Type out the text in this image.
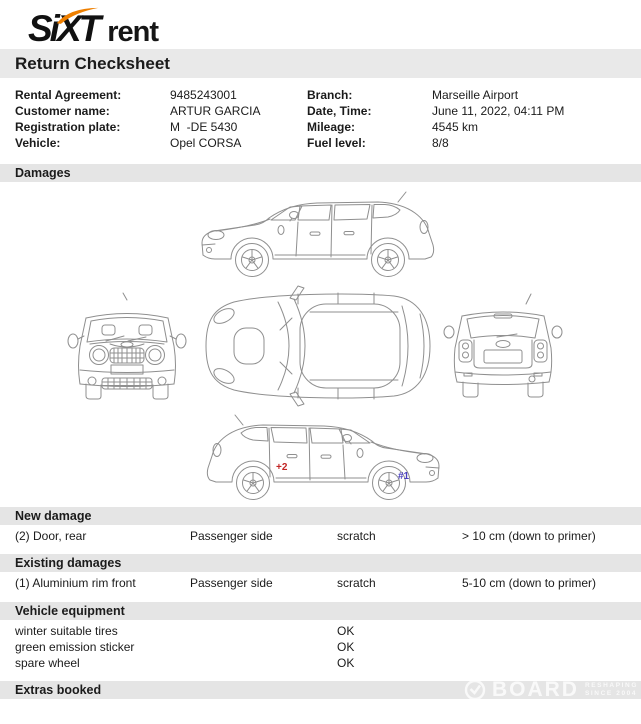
SiXT rent
Return Checksheet
Rental Agreement:	9485243001
Customer name:	ARTUR GARCIA
Registration plate:	M  -DE 5430
Vehicle:	Opel CORSA
Branch:	Marseille Airport
Date, Time:	June 11, 2022, 04:11 PM
Mileage:	4545 km
Fuel level:	8/8
Damages
+2
#1
New damage
(2) Door, rear	Passenger side	scratch	> 10 cm (down to primer)
Existing damages
(1) Aluminium rim front	Passenger side	scratch	5-10 cm (down to primer)
Vehicle equipment
winter suitable tires	OK
green emission sticker	OK
spare wheel	OK
Extras booked	BOARD RESHAPING
SINCE 2004
